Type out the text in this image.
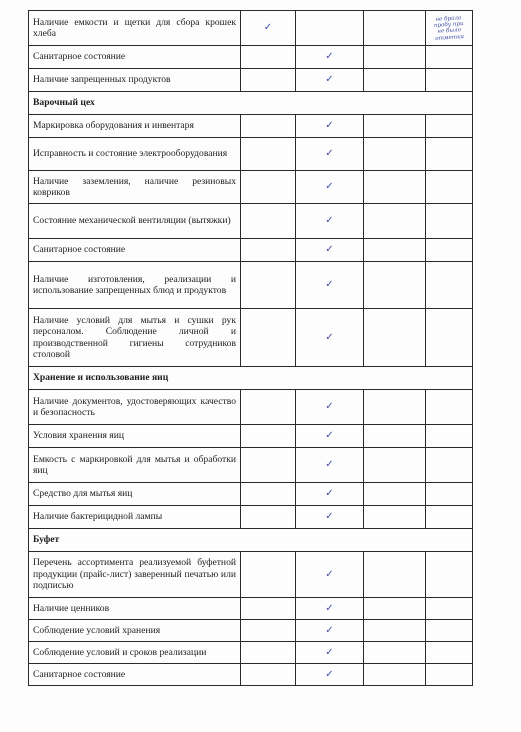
Наличие емкости и щетки для сбора крошек хлеба	✓			не брала пробу при не было отметки

Санитарное состояние		✓		
Наличие запрещенных продуктов		✓		
Варочный цех				
Маркировка оборудования и инвентаря		✓		
Исправность и состояние электрооборудования		✓		
Наличие заземления, наличие резиновых ковриков		✓		
Состояние механической вентиляции (вытяжки)		✓		
Санитарное состояние		✓		
Наличие изготовления, реализации и использование запрещенных блюд и продуктов		✓		
Наличие условий для мытья и сушки рук персоналом. Соблюдение личной и производственной гигиены сотрудников столовой		✓		
Хранение и использование яиц				
Наличие документов, удостоверяющих качество и безопасность		✓		
Условия хранения яиц		✓		
Емкость с маркировкой для мытья и обработки яиц		✓		
Средство для мытья яиц		✓		
Наличие бактерицидной лампы		✓		
Буфет				
Перечень ассортимента реализуемой буфетной продукции (прайс-лист) заверенный печатью или подписью		✓		
Наличие ценников		✓		
Соблюдение условий хранения		✓		
Соблюдение условий и сроков реализации		✓		
Санитарное состояние		✓		
